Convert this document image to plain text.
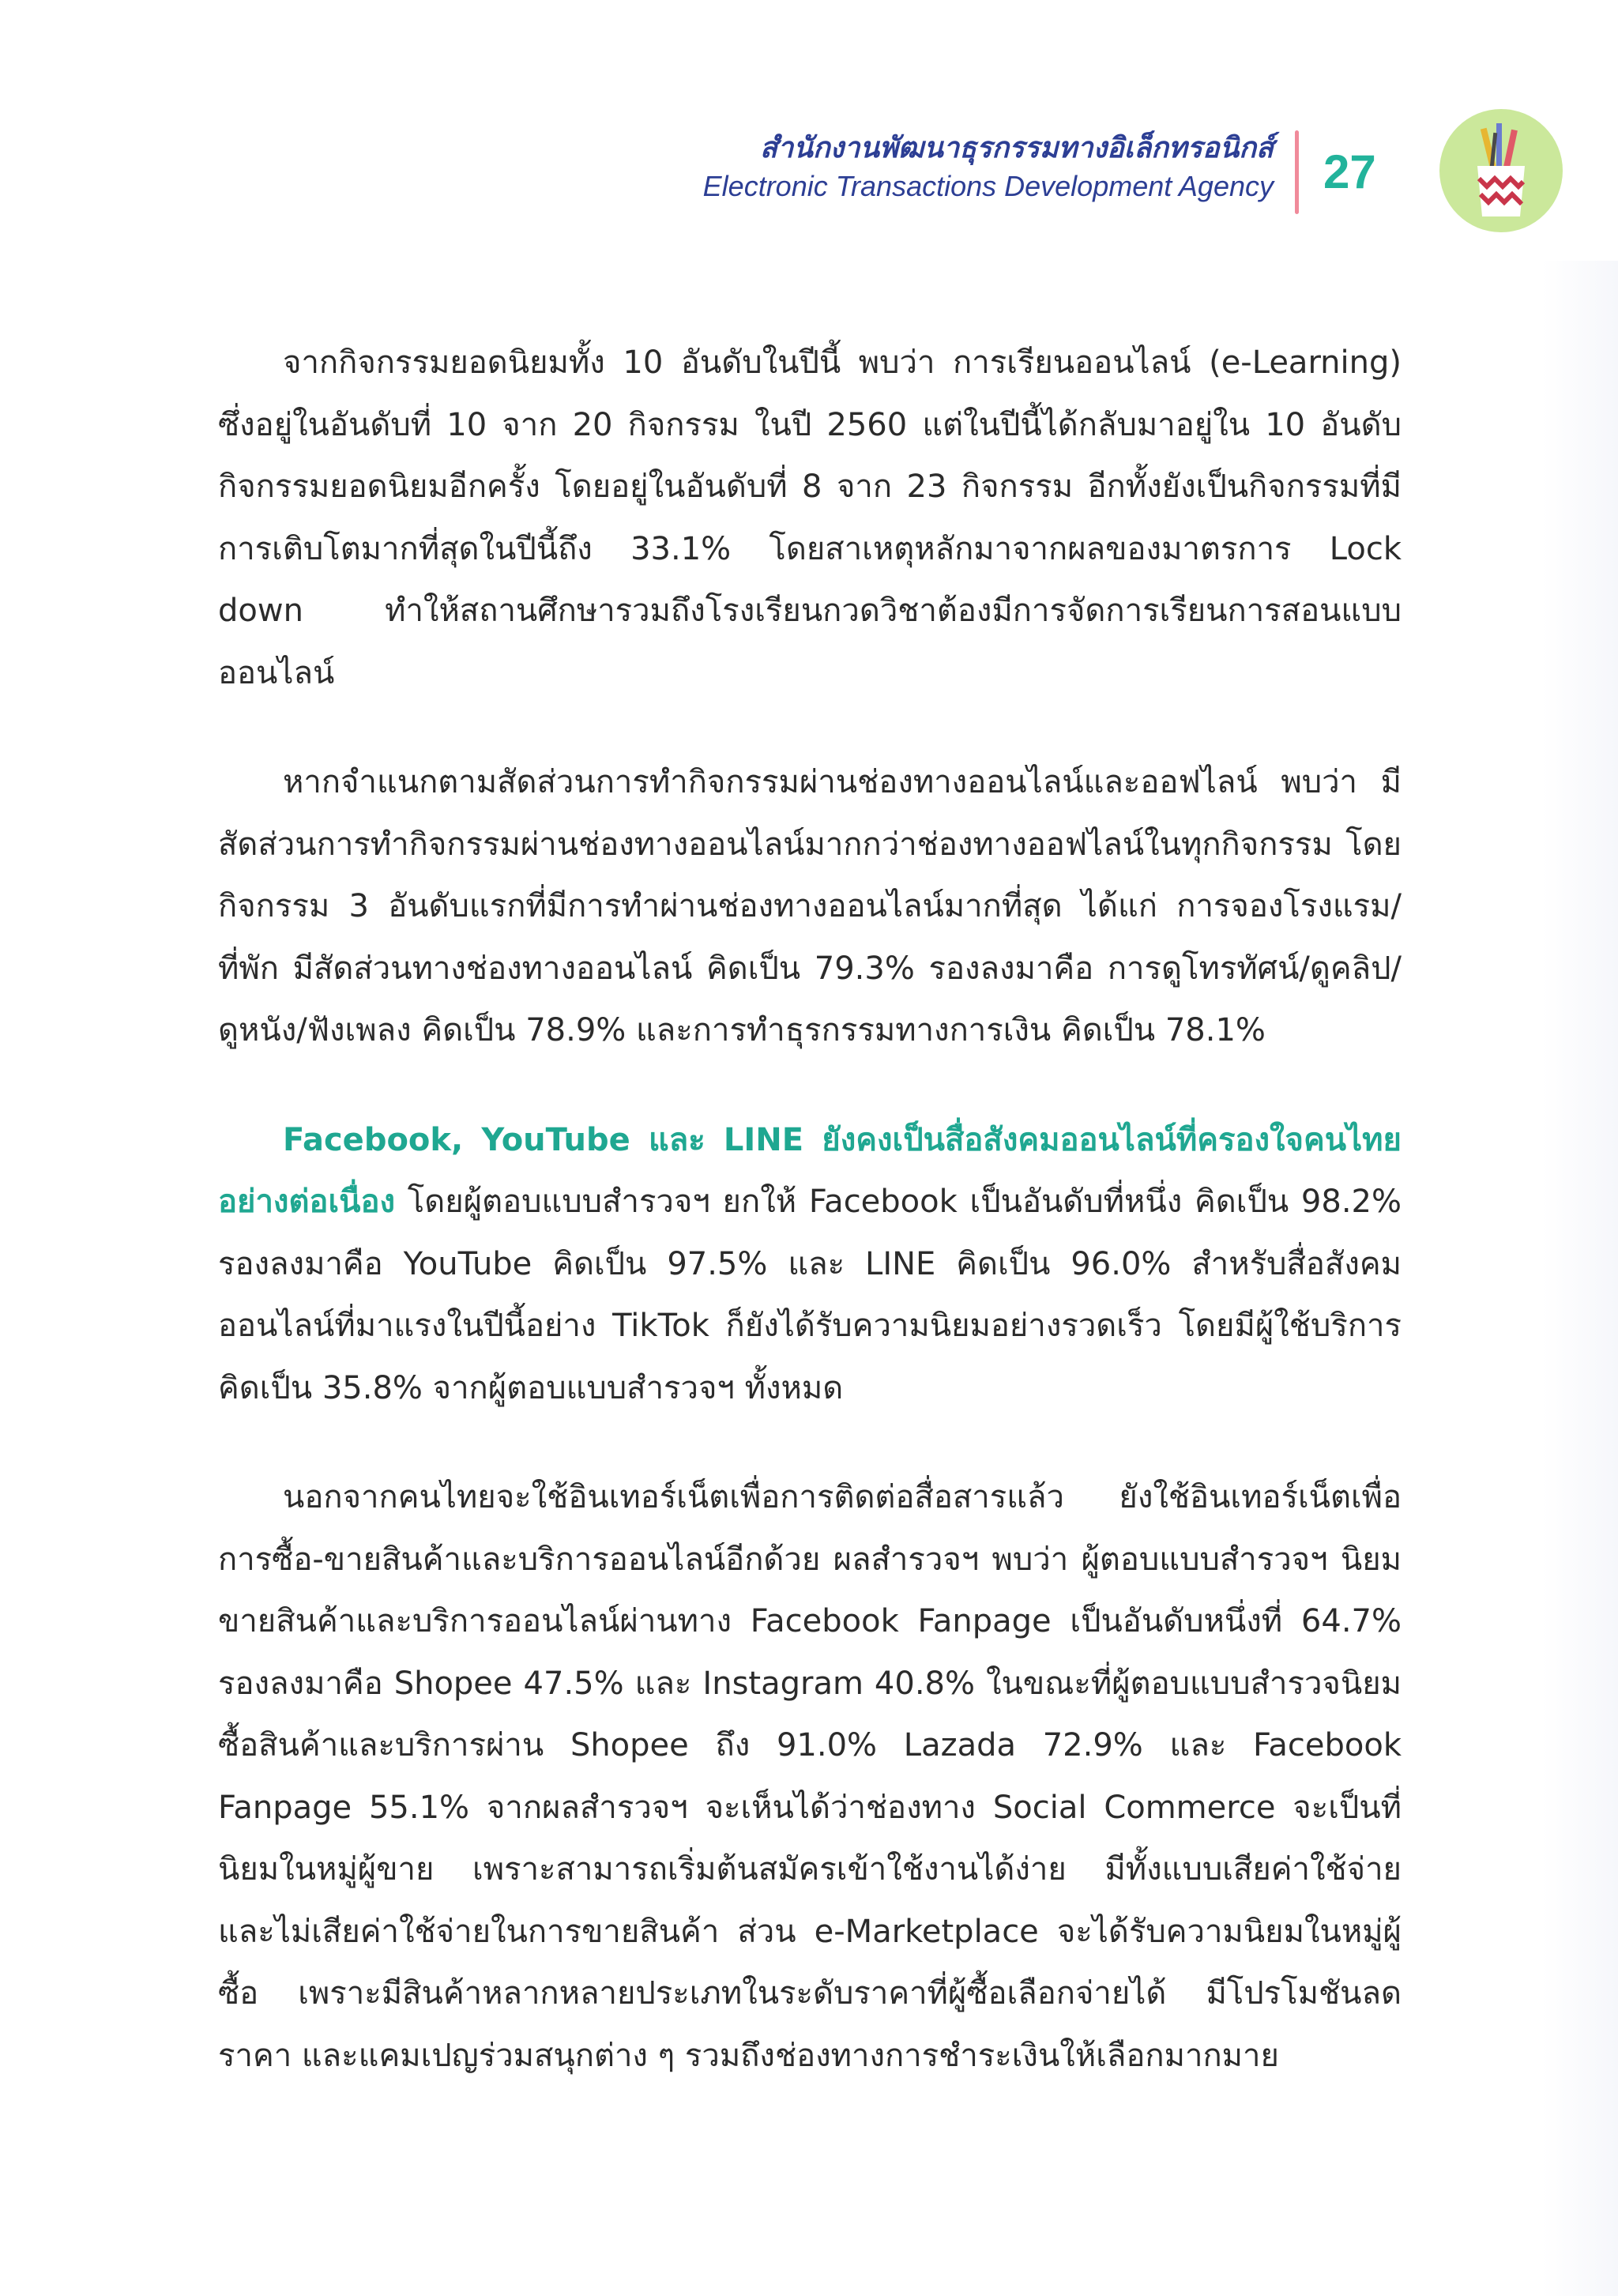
สำนักงานพัฒนาธุรกรรมทางอิเล็กทรอนิกส์
Electronic Transactions Development Agency 27

จากกิจกรรมยอดนิยมทั้ง 10 อันดับในปีนี้ พบว่า การเรียนออนไลน์ (e-Learning) ซึ่งอยู่ในอันดับที่ 10 จาก 20 กิจกรรม ในปี 2560 แต่ในปีนี้ได้กลับมาอยู่ใน 10 อันดับกิจกรรมยอดนิยมอีกครั้ง โดยอยู่ในอันดับที่ 8 จาก 23 กิจกรรม อีกทั้งยังเป็นกิจกรรมที่มีการเติบโตมากที่สุดในปีนี้ถึง 33.1% โดยสาเหตุหลักมาจากผลของมาตรการ Lock down ทำให้สถานศึกษารวมถึงโรงเรียนกวดวิชาต้องมีการจัดการเรียนการสอนแบบออนไลน์

หากจำแนกตามสัดส่วนการทำกิจกรรมผ่านช่องทางออนไลน์และออฟไลน์ พบว่า มีสัดส่วนการทำกิจกรรมผ่านช่องทางออนไลน์มากกว่าช่องทางออฟไลน์ในทุกกิจกรรม โดยกิจกรรม 3 อันดับแรกที่มีการทำผ่านช่องทางออนไลน์มากที่สุด ได้แก่ การจองโรงแรม/ที่พัก มีสัดส่วนทางช่องทางออนไลน์ คิดเป็น 79.3% รองลงมาคือ การดูโทรทัศน์/ดูคลิป/ดูหนัง/ฟังเพลง คิดเป็น 78.9% และการทำธุรกรรมทางการเงิน คิดเป็น 78.1%

Facebook, YouTube และ LINE ยังคงเป็นสื่อสังคมออนไลน์ที่ครองใจคนไทยอย่างต่อเนื่อง โดยผู้ตอบแบบสำรวจฯ ยกให้ Facebook เป็นอันดับที่หนึ่ง คิดเป็น 98.2% รองลงมาคือ YouTube คิดเป็น 97.5% และ LINE คิดเป็น 96.0% สำหรับสื่อสังคมออนไลน์ที่มาแรงในปีนี้อย่าง TikTok ก็ยังได้รับความนิยมอย่างรวดเร็ว โดยมีผู้ใช้บริการ คิดเป็น 35.8% จากผู้ตอบแบบสำรวจฯ ทั้งหมด

นอกจากคนไทยจะใช้อินเทอร์เน็ตเพื่อการติดต่อสื่อสารแล้ว ยังใช้อินเทอร์เน็ตเพื่อการซื้อ-ขายสินค้าและบริการออนไลน์อีกด้วย ผลสำรวจฯ พบว่า ผู้ตอบแบบสำรวจฯ นิยมขายสินค้าและบริการออนไลน์ผ่านทาง Facebook Fanpage เป็นอันดับหนึ่งที่ 64.7% รองลงมาคือ Shopee 47.5% และ Instagram 40.8% ในขณะที่ผู้ตอบแบบสำรวจนิยมซื้อสินค้าและบริการผ่าน Shopee ถึง 91.0% Lazada 72.9% และ Facebook Fanpage 55.1% จากผลสำรวจฯ จะเห็นได้ว่าช่องทาง Social Commerce จะเป็นที่นิยมในหมู่ผู้ขาย เพราะสามารถเริ่มต้นสมัครเข้าใช้งานได้ง่าย มีทั้งแบบเสียค่าใช้จ่าย และไม่เสียค่าใช้จ่ายในการขายสินค้า ส่วน e-Marketplace จะได้รับความนิยมในหมู่ผู้ซื้อ เพราะมีสินค้าหลากหลายประเภทในระดับราคาที่ผู้ซื้อเลือกจ่ายได้ มีโปรโมชันลดราคา และแคมเปญร่วมสนุกต่าง ๆ รวมถึงช่องทางการชำระเงินให้เลือกมากมาย
